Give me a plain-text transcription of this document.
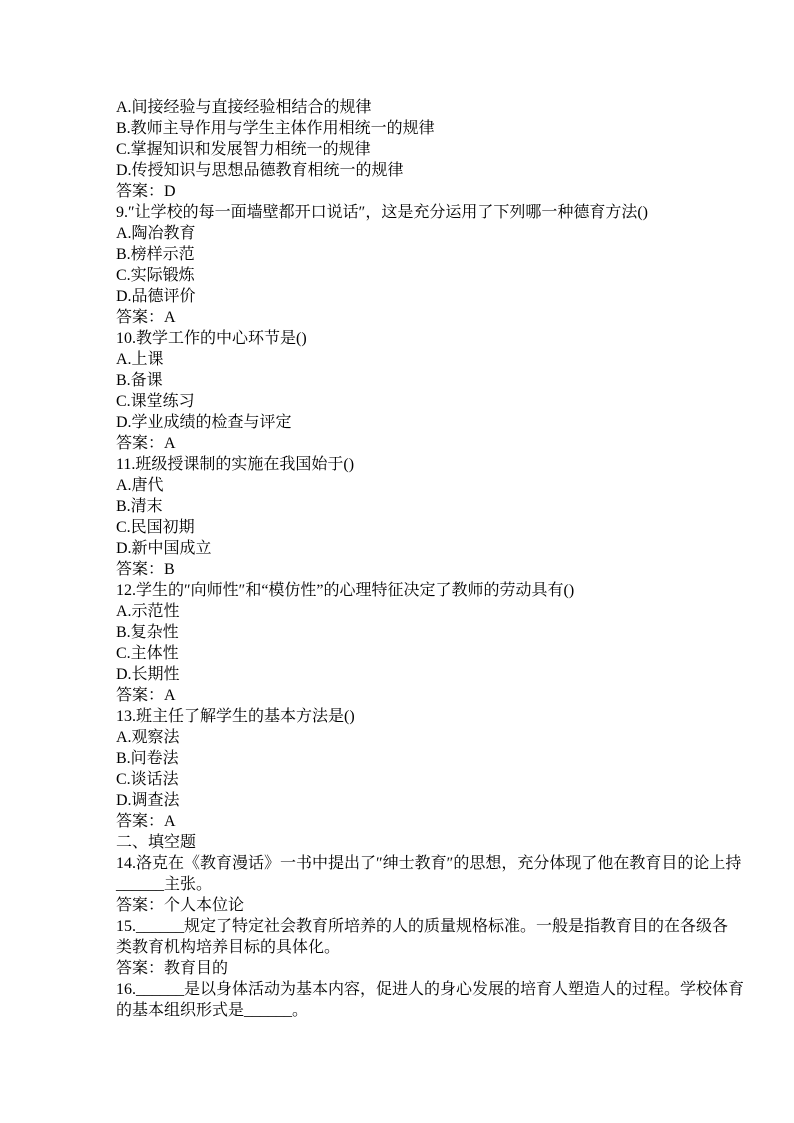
A.间接经验与直接经验相结合的规律
B.教师主导作用与学生主体作用相统一的规律
C.掌握知识和发展智力相统一的规律
D.传授知识与思想品德教育相统一的规律
答案：D
9.″让学校的每一面墙壁都开口说话″，这是充分运用了下列哪一种德育方法()
A.陶冶教育
B.榜样示范
C.实际锻炼
D.品德评价
答案：A
10.教学工作的中心环节是()
A.上课
B.备课
C.课堂练习
D.学业成绩的检查与评定
答案：A
11.班级授课制的实施在我国始于()
A.唐代
B.清末
C.民国初期
D.新中国成立
答案：B
12.学生的″向师性″和“模仿性”的心理特征决定了教师的劳动具有()
A.示范性
B.复杂性
C.主体性
D.长期性
答案：A
13.班主任了解学生的基本方法是()
A.观察法
B.问卷法
C.谈话法
D.调查法
答案：A
二、填空题
14.洛克在《教育漫话》一书中提出了″绅士教育″的思想，充分体现了他在教育目的论上持
______主张。
答案：个人本位论
15.______规定了特定社会教育所培养的人的质量规格标准。一般是指教育目的在各级各
类教育机构培养目标的具体化。
答案：教育目的
16.______是以身体活动为基本内容，促进人的身心发展的培育人塑造人的过程。学校体育
的基本组织形式是______。
